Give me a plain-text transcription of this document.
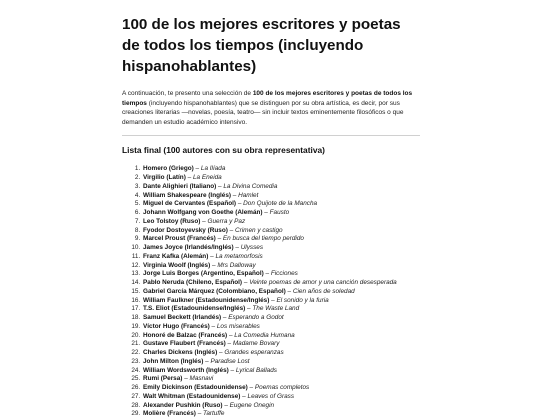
100 de los mejores escritores y poetas de todos los tiempos (incluyendo hispanohablantes)

A continuación, te presento una selección de 100 de los mejores escritores y poetas de todos los tiempos (incluyendo hispanohablantes) que se distinguen por su obra artística, es decir, por sus creaciones literarias —novelas, poesía, teatro— sin incluir textos eminentemente filosóficos o que demanden un estudio académico intensivo.

Lista final (100 autores con su obra representativa)
1. Homero (Griego) – La Ilíada
2. Virgilio (Latín) – La Eneida
3. Dante Alighieri (Italiano) – La Divina Comedia
4. William Shakespeare (Inglés) – Hamlet
5. Miguel de Cervantes (Español) – Don Quijote de la Mancha
6. Johann Wolfgang von Goethe (Alemán) – Fausto
7. Leo Tolstoy (Ruso) – Guerra y Paz
8. Fyodor Dostoyevsky (Ruso) – Crimen y castigo
9. Marcel Proust (Francés) – En busca del tiempo perdido
10. James Joyce (Irlandés/Inglés) – Ulysses
11. Franz Kafka (Alemán) – La metamorfosis
12. Virginia Woolf (Inglés) – Mrs Dalloway
13. Jorge Luis Borges (Argentino, Español) – Ficciones
14. Pablo Neruda (Chileno, Español) – Veinte poemas de amor y una canción desesperada
15. Gabriel García Márquez (Colombiano, Español) – Cien años de soledad
16. William Faulkner (Estadounidense/Inglés) – El sonido y la furia
17. T.S. Eliot (Estadounidense/Inglés) – The Waste Land
18. Samuel Beckett (Irlandés) – Esperando a Godot
19. Víctor Hugo (Francés) – Los miserables
20. Honoré de Balzac (Francés) – La Comedia Humana
21. Gustave Flaubert (Francés) – Madame Bovary
22. Charles Dickens (Inglés) – Grandes esperanzas
23. John Milton (Inglés) – Paradise Lost
24. William Wordsworth (Inglés) – Lyrical Ballads
25. Rumi (Persa) – Masnavi
26. Emily Dickinson (Estadounidense) – Poemas completos
27. Walt Whitman (Estadounidense) – Leaves of Grass
28. Alexander Pushkin (Ruso) – Eugene Onegin
29. Molière (Francés) – Tartuffe
